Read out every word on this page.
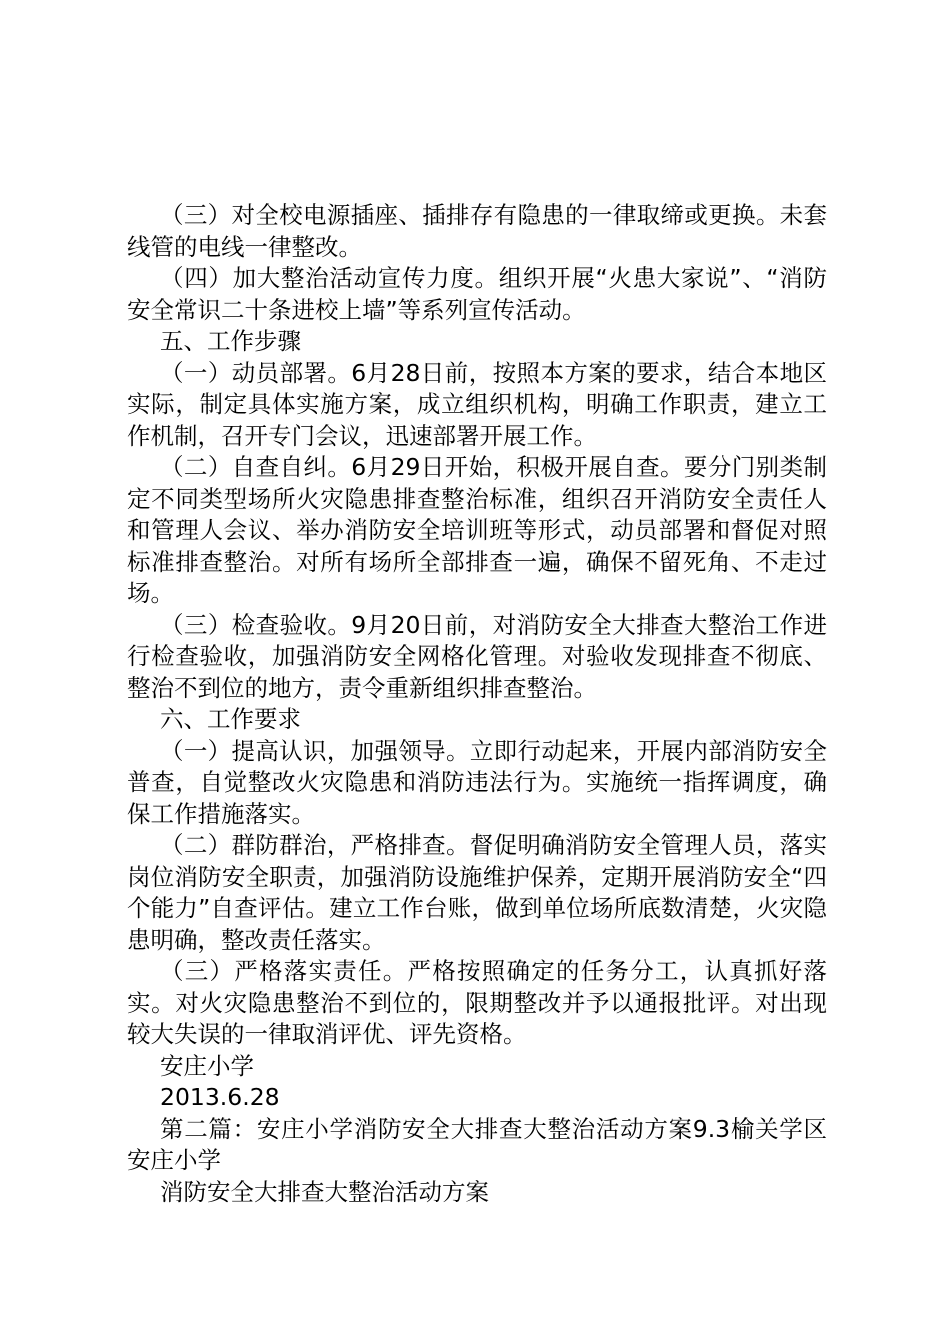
（三）对全校电源插座、插排存有隐患的一律取缔或更换。未套线管的电线一律整改。

（四）加大整治活动宣传力度。组织开展“火患大家说”、“消防安全常识二十条进校上墙”等系列宣传活动。

五、工作步骤

（一）动员部署。6月28日前，按照本方案的要求，结合本地区实际，制定具体实施方案，成立组织机构，明确工作职责，建立工作机制，召开专门会议，迅速部署开展工作。

（二）自查自纠。6月29日开始，积极开展自查。要分门别类制定不同类型场所火灾隐患排查整治标准，组织召开消防安全责任人和管理人会议、举办消防安全培训班等形式，动员部署和督促对照标准排查整治。对所有场所全部排查一遍，确保不留死角、不走过场。

（三）检查验收。9月20日前，对消防安全大排查大整治工作进行检查验收，加强消防安全网格化管理。对验收发现排查不彻底、整治不到位的地方，责令重新组织排查整治。

六、工作要求

（一）提高认识，加强领导。立即行动起来，开展内部消防安全普查，自觉整改火灾隐患和消防违法行为。实施统一指挥调度，确保工作措施落实。

（二）群防群治，严格排查。督促明确消防安全管理人员，落实岗位消防安全职责，加强消防设施维护保养，定期开展消防安全“四个能力”自查评估。建立工作台账，做到单位场所底数清楚，火灾隐患明确，整改责任落实。

（三）严格落实责任。严格按照确定的任务分工，认真抓好落实。对火灾隐患整治不到位的，限期整改并予以通报批评。对出现较大失误的一律取消评优、评先资格。

安庄小学

2013.6.28

第二篇：安庄小学消防安全大排查大整治活动方案9.3榆关学区安庄小学

消防安全大排查大整治活动方案
